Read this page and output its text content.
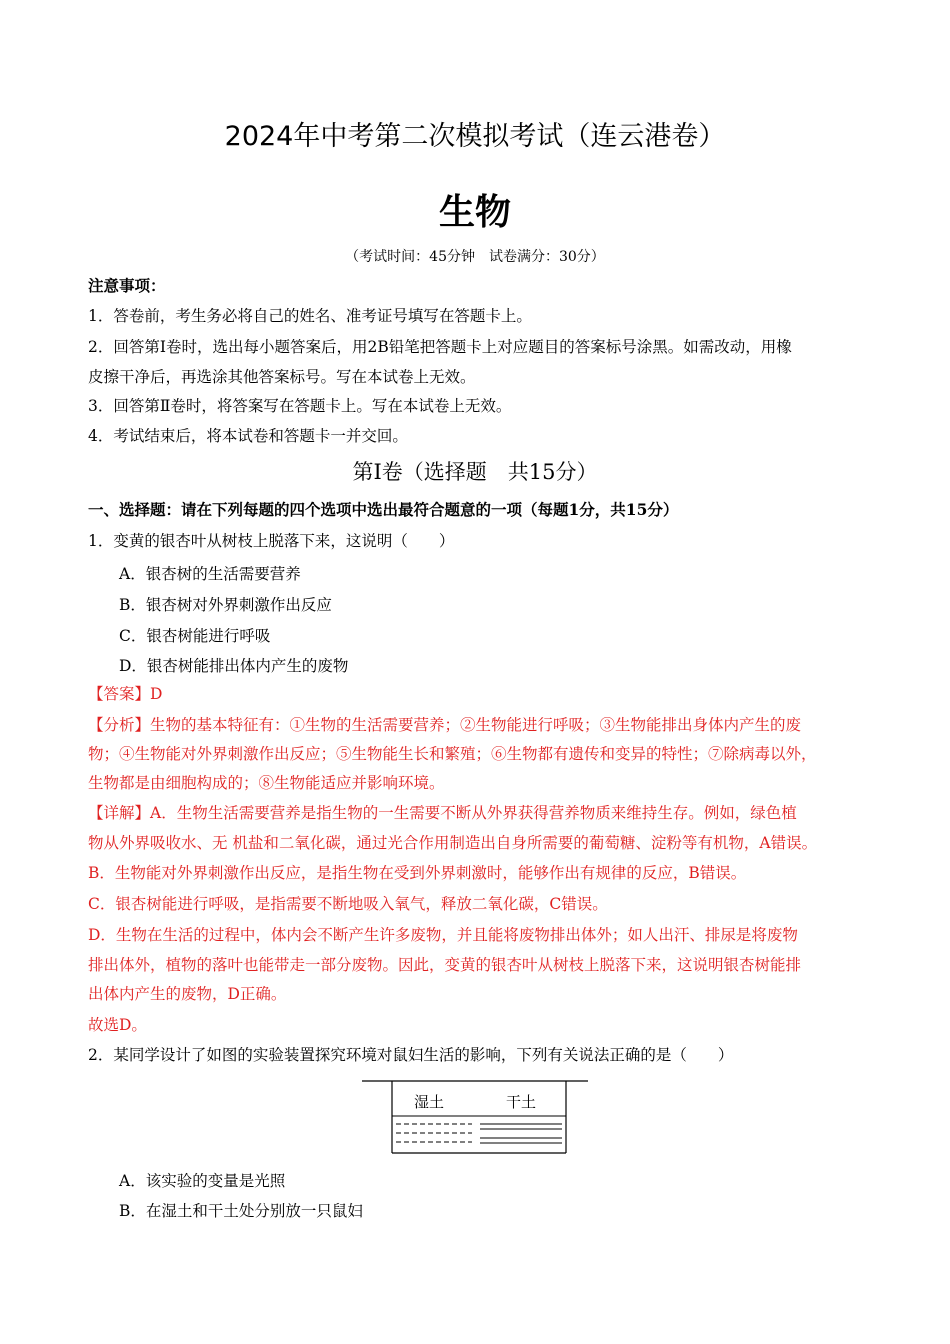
2024年中考第二次模拟考试（连云港卷）
生物
（考试时间：45分钟　试卷满分：30分）
注意事项：
1．答卷前，考生务必将自己的姓名、准考证号填写在答题卡上。
2．回答第Ⅰ卷时，选出每小题答案后，用2B铅笔把答题卡上对应题目的答案标号涂黑。如需改动，用橡
皮擦干净后，再选涂其他答案标号。写在本试卷上无效。
3．回答第Ⅱ卷时，将答案写在答题卡上。写在本试卷上无效。
4．考试结束后，将本试卷和答题卡一并交回。
第Ⅰ卷（选择题　共15分）
一、选择题：请在下列每题的四个选项中选出最符合题意的一项（每题1分，共15分）
1．变黄的银杏叶从树枝上脱落下来，这说明（　　）
A．银杏树的生活需要营养
B．银杏树对外界刺激作出反应
C．银杏树能进行呼吸
D．银杏树能排出体内产生的废物
【答案】D
【分析】生物的基本特征有：①生物的生活需要营养；②生物能进行呼吸；③生物能排出身体内产生的废
物；④生物能对外界刺激作出反应；⑤生物能生长和繁殖；⑥生物都有遗传和变异的特性；⑦除病毒以外，
生物都是由细胞构成的；⑧生物能适应并影响环境。
【详解】A．生物生活需要营养是指生物的一生需要不断从外界获得营养物质来维持生存。例如，绿色植
物从外界吸收水、无 机盐和二氧化碳，通过光合作用制造出自身所需要的葡萄糖、淀粉等有机物，A错误。
B．生物能对外界刺激作出反应，是指生物在受到外界刺激时，能够作出有规律的反应，B错误。
C．银杏树能进行呼吸，是指需要不断地吸入氧气，释放二氧化碳，C错误。
D．生物在生活的过程中，体内会不断产生许多废物，并且能将废物排出体外；如人出汗、排尿是将废物
排出体外，植物的落叶也能带走一部分废物。因此，变黄的银杏叶从树枝上脱落下来，这说明银杏树能排
出体内产生的废物，D正确。
故选D。
2．某同学设计了如图的实验装置探究环境对鼠妇生活的影响，下列有关说法正确的是（　　）
湿土	干土
A．该实验的变量是光照
B．在湿土和干土处分别放一只鼠妇
